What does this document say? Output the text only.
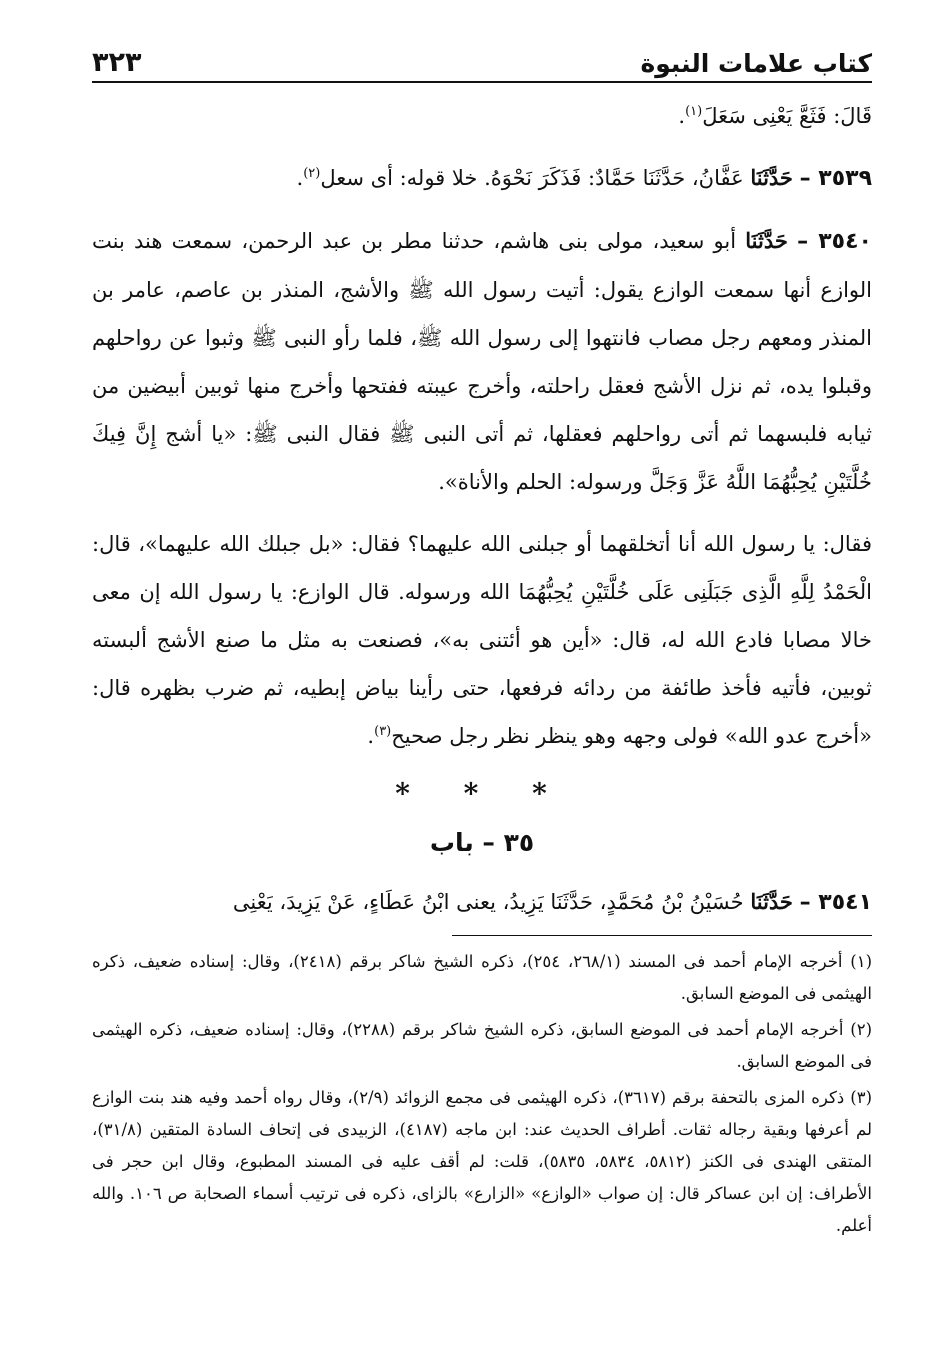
كتاب علامات النبوة
٣٢٣

قَالَ: فَثَعَّ يَعْنِى سَعَلَ$^{(١)}$.

٣٥٣٩ – حَدَّثَنَا عَفَّانُ، حَدَّثَنَا حَمَّادٌ: فَذَكَرَ نَحْوَهُ. خلا قوله: أى سعل$^{(٢)}$.

٣٥٤٠ – حَدَّثَنَا أبو سعيد، مولى بنى هاشم، حدثنا مطر بن عبد الرحمن، سمعت هند بنت الوازع أنها سمعت الوازع يقول: أتيت رسول الله ﷺ والأشج، المنذر بن عاصم، عامر بن المنذر ومعهم رجل مصاب فانتهوا إلى رسول الله ﷺ، فلما رأو النبى ﷺ وثبوا عن رواحلهم وقبلوا يده، ثم نزل الأشج فعقل راحلته، وأخرج عيبته ففتحها وأخرج منها ثوبين أبيضين من ثيابه فلبسهما ثم أتى رواحلهم فعقلها، ثم أتى النبى ﷺ فقال النبى ﷺ: «يا أشج إِنَّ فِيكَ خُلَّتَيْنِ يُحِبُّهُمَا اللَّهُ عَزَّ وَجَلَّ ورسوله: الحلم والأناة».

فقال: يا رسول الله أنا أتخلقهما أو جبلنى الله عليهما؟ فقال: «بل جبلك الله عليهما»، قال: الْحَمْدُ لِلَّهِ الَّذِى جَبَلَنِى عَلَى خُلَّتَيْنِ يُحِبُّهُمَا الله ورسوله. قال الوازع: يا رسول الله إن معى خالا مصابا فادع الله له، قال: «أين هو أئتنى به»، فصنعت به مثل ما صنع الأشج ألبسته ثوبين، فأتيه فأخذ طائفة من ردائه فرفعها، حتى رأينا بياض إبطيه، ثم ضرب بظهره قال: «أخرج عدو الله» فولى وجهه وهو ينظر نظر رجل صحيح$^{(٣)}$.

* * *
٣٥ – باب

٣٥٤١ – حَدَّثَنَا حُسَيْنُ بْنُ مُحَمَّدٍ، حَدَّثَنَا يَزِيدُ، يعنى ابْنُ عَطَاءٍ، عَنْ يَزِيدَ، يَعْنِى

(١) أخرجه الإمام أحمد فى المسند (٢٦٨/١، ٢٥٤)، ذكره الشيخ شاكر برقم (٢٤١٨)، وقال: إسناده ضعيف، ذكره الهيثمى فى الموضع السابق.

(٢) أخرجه الإمام أحمد فى الموضع السابق، ذكره الشيخ شاكر برقم (٢٢٨٨)، وقال: إسناده ضعيف، ذكره الهيثمى فى الموضع السابق.

(٣) ذكره المزى بالتحفة برقم (٣٦١٧)، ذكره الهيثمى فى مجمع الزوائد (٢/٩)، وقال رواه أحمد وفيه هند بنت الوازع لم أعرفها وبقية رجاله ثقات. أطراف الحديث عند: ابن ماجه (٤١٨٧)، الزبيدى فى إتحاف السادة المتقين (٣١/٨)، المتقى الهندى فى الكنز (٥٨١٢، ٥٨٣٤، ٥٨٣٥)، قلت: لم أقف عليه فى المسند المطبوع، وقال ابن حجر فى الأطراف: إن ابن عساكر قال: إن صواب «الوازع» «الزارع» بالزاى، ذكره فى ترتيب أسماء الصحابة ص ١٠٦. والله أعلم.
